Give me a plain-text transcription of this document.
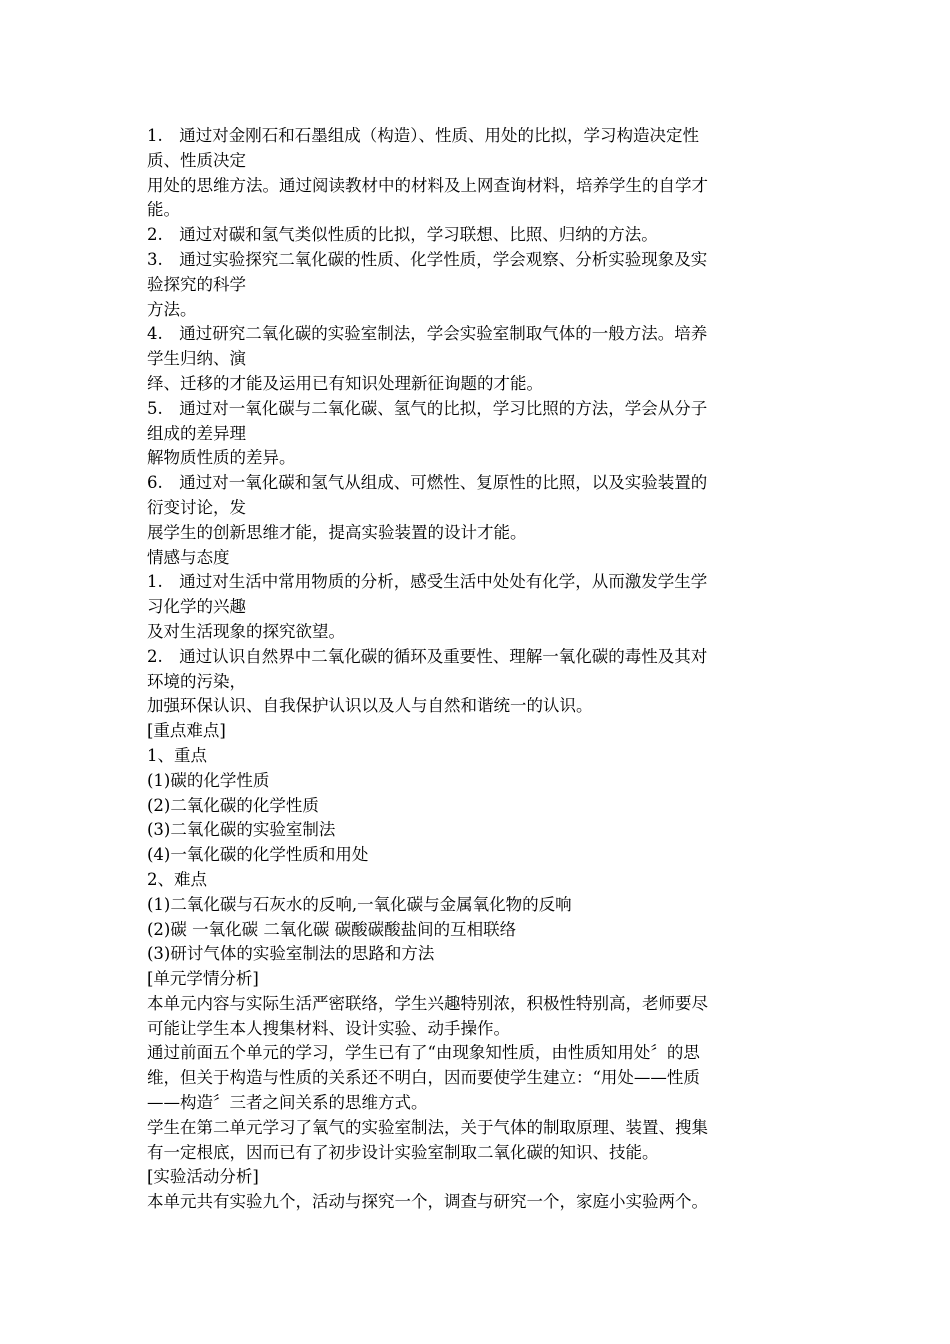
1.　通过对金刚石和石墨组成（构造）、性质、用处的比拟，学习构造决定性
质、性质决定
用处的思维方法。通过阅读教材中的材料及上网查询材料，培养学生的自学才
能。
2.　通过对碳和氢气类似性质的比拟，学习联想、比照、归纳的方法。
3.　通过实验探究二氧化碳的性质、化学性质，学会观察、分析实验现象及实
验探究的科学
方法。
4.　通过研究二氧化碳的实验室制法，学会实验室制取气体的一般方法。培养
学生归纳、演
绎、迁移的才能及运用已有知识处理新征询题的才能。
5.　通过对一氧化碳与二氧化碳、氢气的比拟，学习比照的方法，学会从分子
组成的差异理
解物质性质的差异。
6.　通过对一氧化碳和氢气从组成、可燃性、复原性的比照，以及实验装置的
衍变讨论，发
展学生的创新思维才能，提高实验装置的设计才能。
情感与态度
1.　通过对生活中常用物质的分析，感受生活中处处有化学，从而激发学生学
习化学的兴趣
及对生活现象的探究欲望。
2.　通过认识自然界中二氧化碳的循环及重要性、理解一氧化碳的毒性及其对
环境的污染，
加强环保认识、自我保护认识以及人与自然和谐统一的认识。
[重点难点]
1、重点
(1)碳的化学性质
(2)二氧化碳的化学性质
(3)二氧化碳的实验室制法
(4)一氧化碳的化学性质和用处
2、难点
(1)二氧化碳与石灰水的反响,一氧化碳与金属氧化物的反响
(2)碳 一氧化碳 二氧化碳 碳酸碳酸盐间的互相联络
(3)研讨气体的实验室制法的思路和方法
[单元学情分析]
本单元内容与实际生活严密联络，学生兴趣特别浓，积极性特别高，老师要尽
可能让学生本人搜集材料、设计实验、动手操作。
通过前面五个单元的学习，学生已有了“由现象知性质，由性质知用处〞的思
维，但关于构造与性质的关系还不明白，因而要使学生建立：“用处——性质
——构造〞三者之间关系的思维方式。
学生在第二单元学习了氧气的实验室制法，关于气体的制取原理、装置、搜集
有一定根底，因而已有了初步设计实验室制取二氧化碳的知识、技能。
[实验活动分析]
本单元共有实验九个，活动与探究一个，调查与研究一个，家庭小实验两个。
